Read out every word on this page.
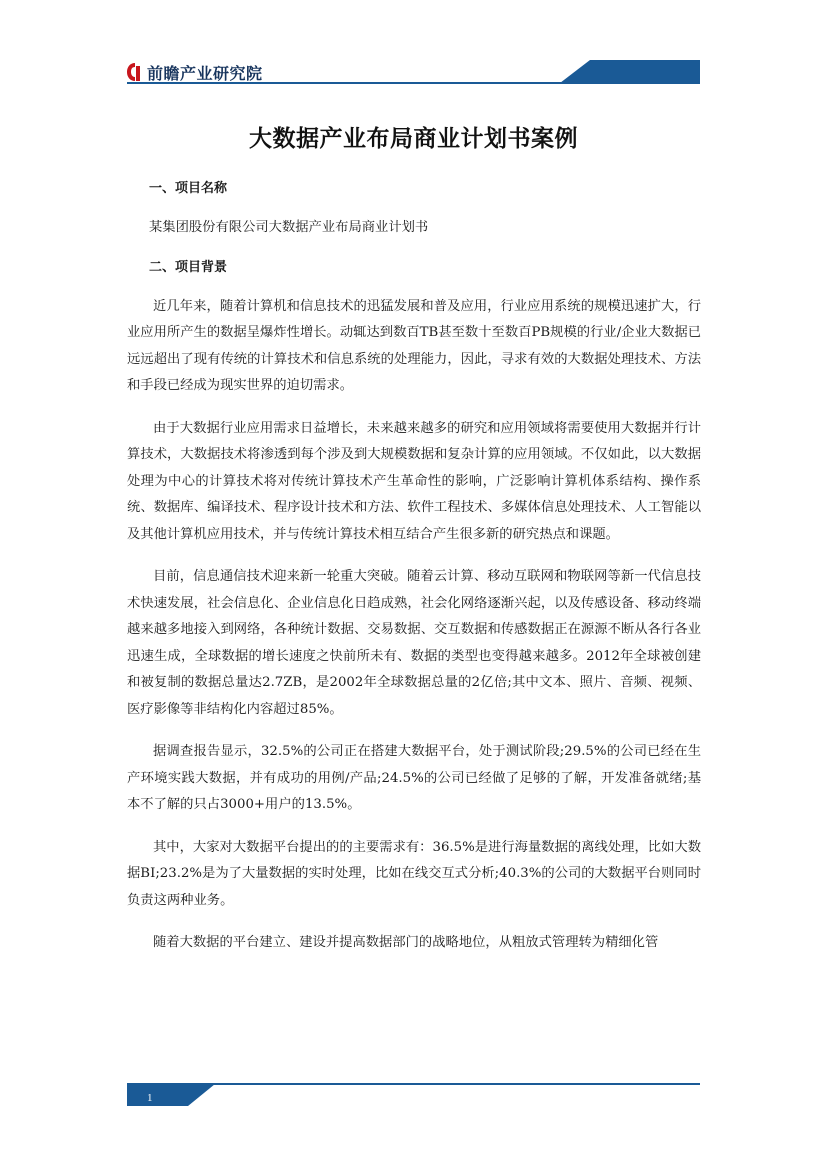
前瞻产业研究院
大数据产业布局商业计划书案例
一、项目名称

某集团股份有限公司大数据产业布局商业计划书

二、项目背景

近几年来，随着计算机和信息技术的迅猛发展和普及应用，行业应用系统的规模迅速扩大，行业应用所产生的数据呈爆炸性增长。动辄达到数百TB甚至数十至数百PB规模的行业/企业大数据已远远超出了现有传统的计算技术和信息系统的处理能力，因此，寻求有效的大数据处理技术、方法和手段已经成为现实世界的迫切需求。

由于大数据行业应用需求日益增长，未来越来越多的研究和应用领域将需要使用大数据并行计算技术，大数据技术将渗透到每个涉及到大规模数据和复杂计算的应用领域。不仅如此，以大数据处理为中心的计算技术将对传统计算技术产生革命性的影响，广泛影响计算机体系结构、操作系统、数据库、编译技术、程序设计技术和方法、软件工程技术、多媒体信息处理技术、人工智能以及其他计算机应用技术，并与传统计算技术相互结合产生很多新的研究热点和课题。

目前，信息通信技术迎来新一轮重大突破。随着云计算、移动互联网和物联网等新一代信息技术快速发展，社会信息化、企业信息化日趋成熟，社会化网络逐渐兴起，以及传感设备、移动终端越来越多地接入到网络，各种统计数据、交易数据、交互数据和传感数据正在源源不断从各行各业迅速生成，全球数据的增长速度之快前所未有、数据的类型也变得越来越多。2012年全球被创建和被复制的数据总量达2.7ZB，是2002年全球数据总量的2亿倍;其中文本、照片、音频、视频、医疗影像等非结构化内容超过85%。

据调查报告显示，32.5%的公司正在搭建大数据平台，处于测试阶段;29.5%的公司已经在生产环境实践大数据，并有成功的用例/产品;24.5%的公司已经做了足够的了解，开发准备就绪;基本不了解的只占3000+用户的13.5%。

其中，大家对大数据平台提出的的主要需求有：36.5%是进行海量数据的离线处理，比如大数据BI;23.2%是为了大量数据的实时处理，比如在线交互式分析;40.3%的公司的大数据平台则同时负责这两种业务。

随着大数据的平台建立、建设并提高数据部门的战略地位，从粗放式管理转为精细化管

1
